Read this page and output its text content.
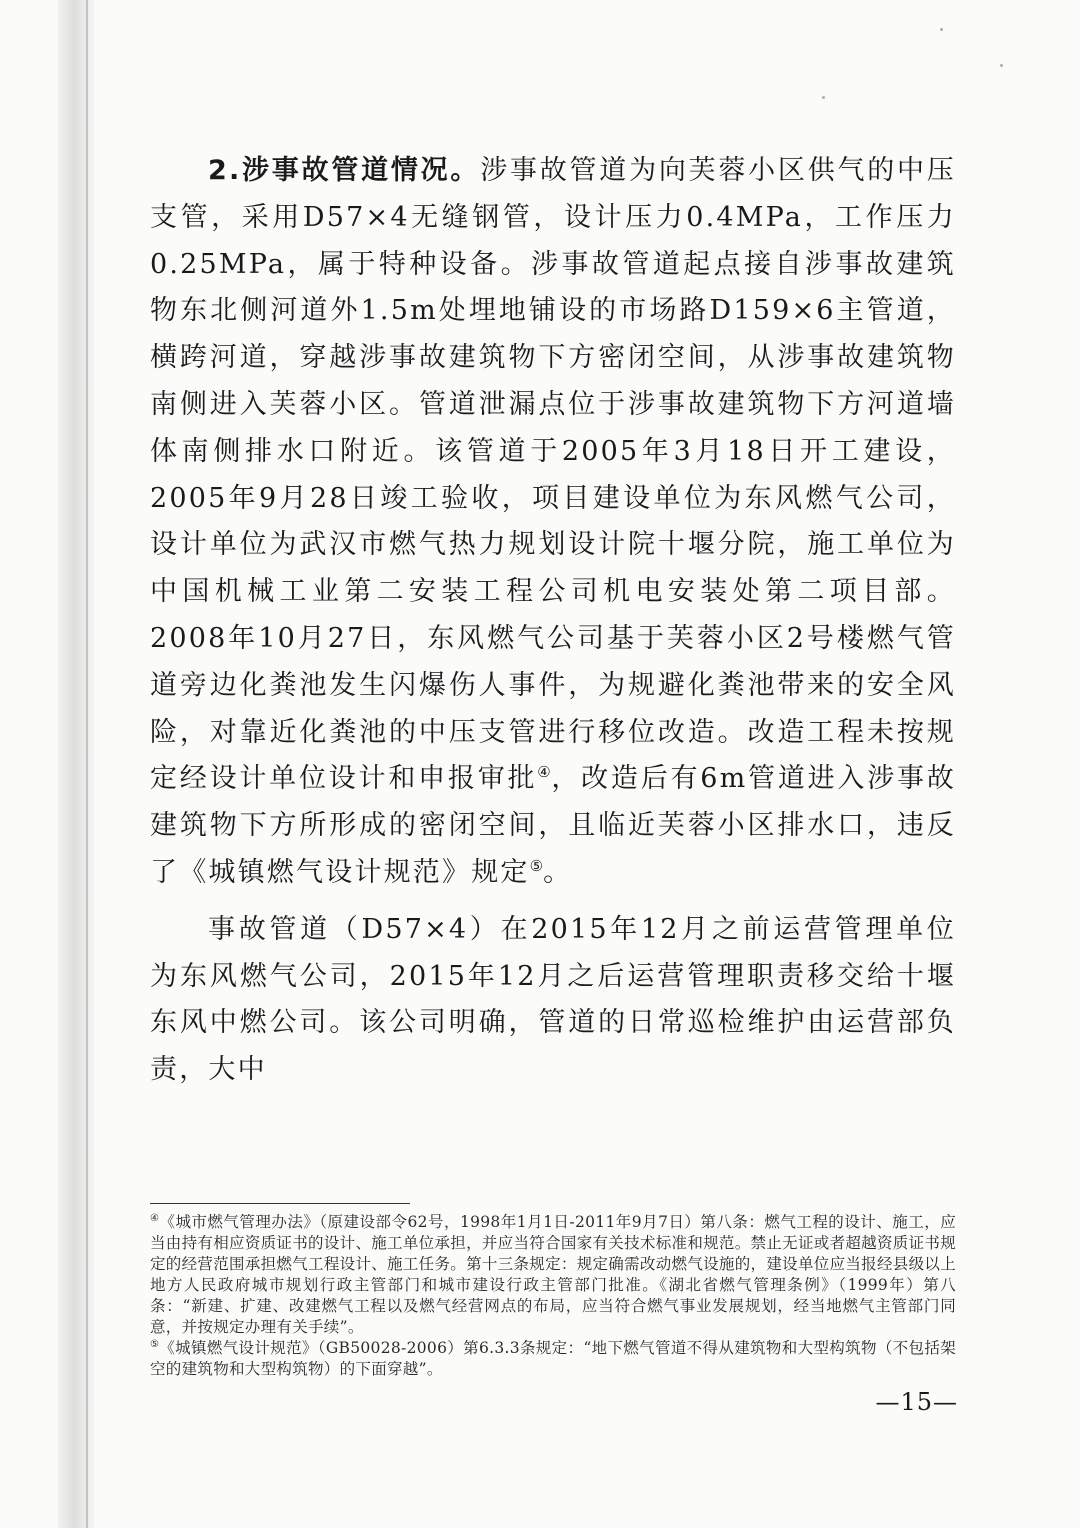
2.涉事故管道情况。涉事故管道为向芙蓉小区供气的中压支管，采用D57×4无缝钢管，设计压力0.4MPa，工作压力0.25MPa，属于特种设备。涉事故管道起点接自涉事故建筑物东北侧河道外1.5m处埋地铺设的市场路D159×6主管道，横跨河道，穿越涉事故建筑物下方密闭空间，从涉事故建筑物南侧进入芙蓉小区。管道泄漏点位于涉事故建筑物下方河道墙体南侧排水口附近。该管道于2005年3月18日开工建设，2005年9月28日竣工验收，项目建设单位为东风燃气公司，设计单位为武汉市燃气热力规划设计院十堰分院，施工单位为中国机械工业第二安装工程公司机电安装处第二项目部。2008年10月27日，东风燃气公司基于芙蓉小区2号楼燃气管道旁边化粪池发生闪爆伤人事件，为规避化粪池带来的安全风险，对靠近化粪池的中压支管进行移位改造。改造工程未按规定经设计单位设计和申报审批④，改造后有6m管道进入涉事故建筑物下方所形成的密闭空间，且临近芙蓉小区排水口，违反了《城镇燃气设计规范》规定⑤。

事故管道（D57×4）在2015年12月之前运营管理单位为东风燃气公司，2015年12月之后运营管理职责移交给十堰东风中燃公司。该公司明确，管道的日常巡检维护由运营部负责，大中

④《城市燃气管理办法》（原建设部令62号，1998年1月1日-2011年9月7日）第八条：燃气工程的设计、施工，应当由持有相应资质证书的设计、施工单位承担，并应当符合国家有关技术标准和规范。禁止无证或者超越资质证书规定的经营范围承担燃气工程设计、施工任务。第十三条规定：规定确需改动燃气设施的，建设单位应当报经县级以上地方人民政府城市规划行政主管部门和城市建设行政主管部门批准。《湖北省燃气管理条例》（1999年）第八条：“新建、扩建、改建燃气工程以及燃气经营网点的布局，应当符合燃气事业发展规划，经当地燃气主管部门同意，并按规定办理有关手续”。

⑤《城镇燃气设计规范》（GB50028-2006）第6.3.3条规定：“地下燃气管道不得从建筑物和大型构筑物（不包括架空的建筑物和大型构筑物）的下面穿越”。

—15—
